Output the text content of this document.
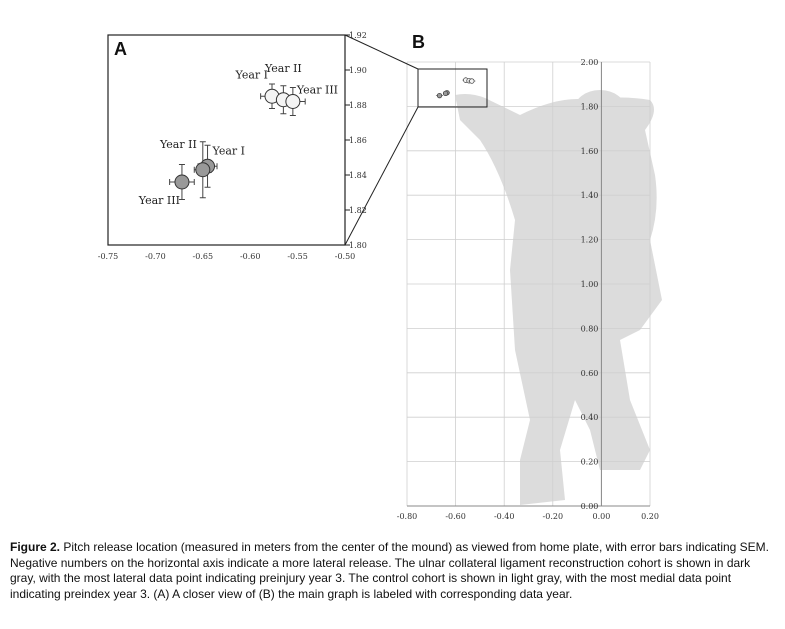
A
-0.75	-0.70	-0.65	-0.60	-0.55	-0.50
1.80
1.82
1.84
1.86
1.88
1.90
1.92
Year I
Year II
Year III
Year I
Year II
Year III
B
-0.80	-0.60	-0.40	-0.20	0.00	0.20
0.00
0.20
0.40
0.60
0.80
1.00
1.20
1.40
1.60
1.80
2.00
Figure 2. Pitch release location (measured in meters from the center of the mound) as viewed from home plate, with error bars indicating SEM. Negative numbers on the horizontal axis indicate a more lateral release. The ulnar collateral ligament reconstruction cohort is shown in dark gray, with the most lateral data point indicating preinjury year 3. The control cohort is shown in light gray, with the most medial data point indicating preindex year 3. (A) A closer view of (B) the main graph is labeled with corresponding data year.
